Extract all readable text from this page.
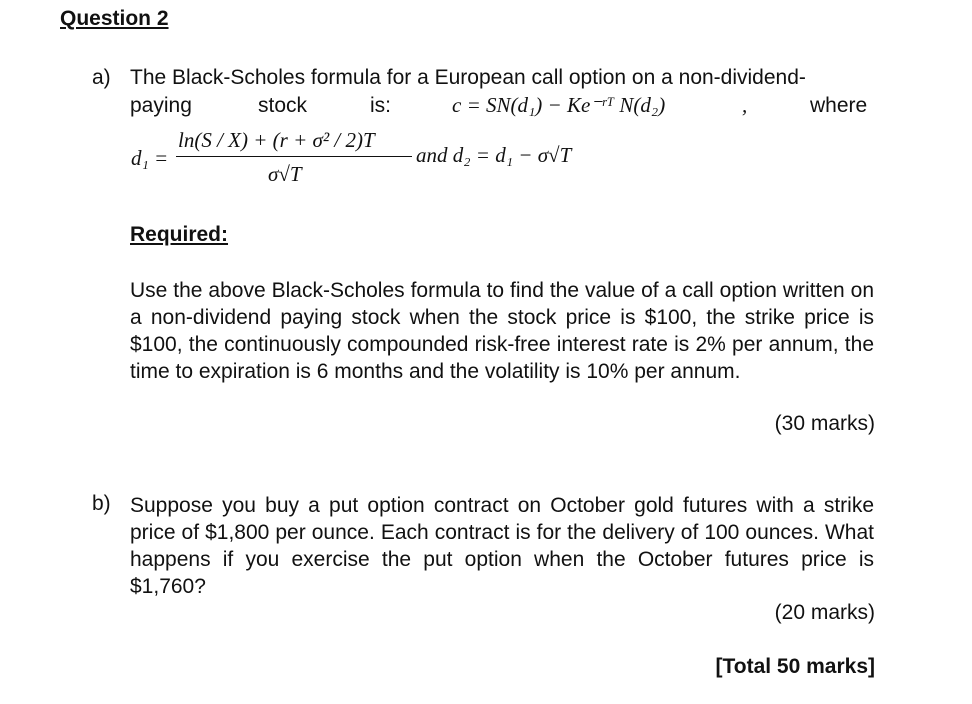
Question 2
a) The Black-Scholes formula for a European call option on a non-dividend-
paying	stock	is:	c = SN(d₁) − Ke⁻ʳᵀ N(d₂)	,	where
d₁ =
ln(S / X) + (r + σ² / 2)T
σ√T
and d₂ = d₁ − σ√T
Required:
Use the above Black-Scholes formula to find the value of a call option written on a non-dividend paying stock when the stock price is $100, the strike price is $100, the continuously compounded risk-free interest rate is 2% per annum, the time to expiration is 6 months and the volatility is 10% per annum.
(30 marks)
b) Suppose you buy a put option contract on October gold futures with a strike price of $1,800 per ounce. Each contract is for the delivery of 100 ounces. What happens if you exercise the put option when the October futures price is $1,760?
(20 marks)
[Total 50 marks]
